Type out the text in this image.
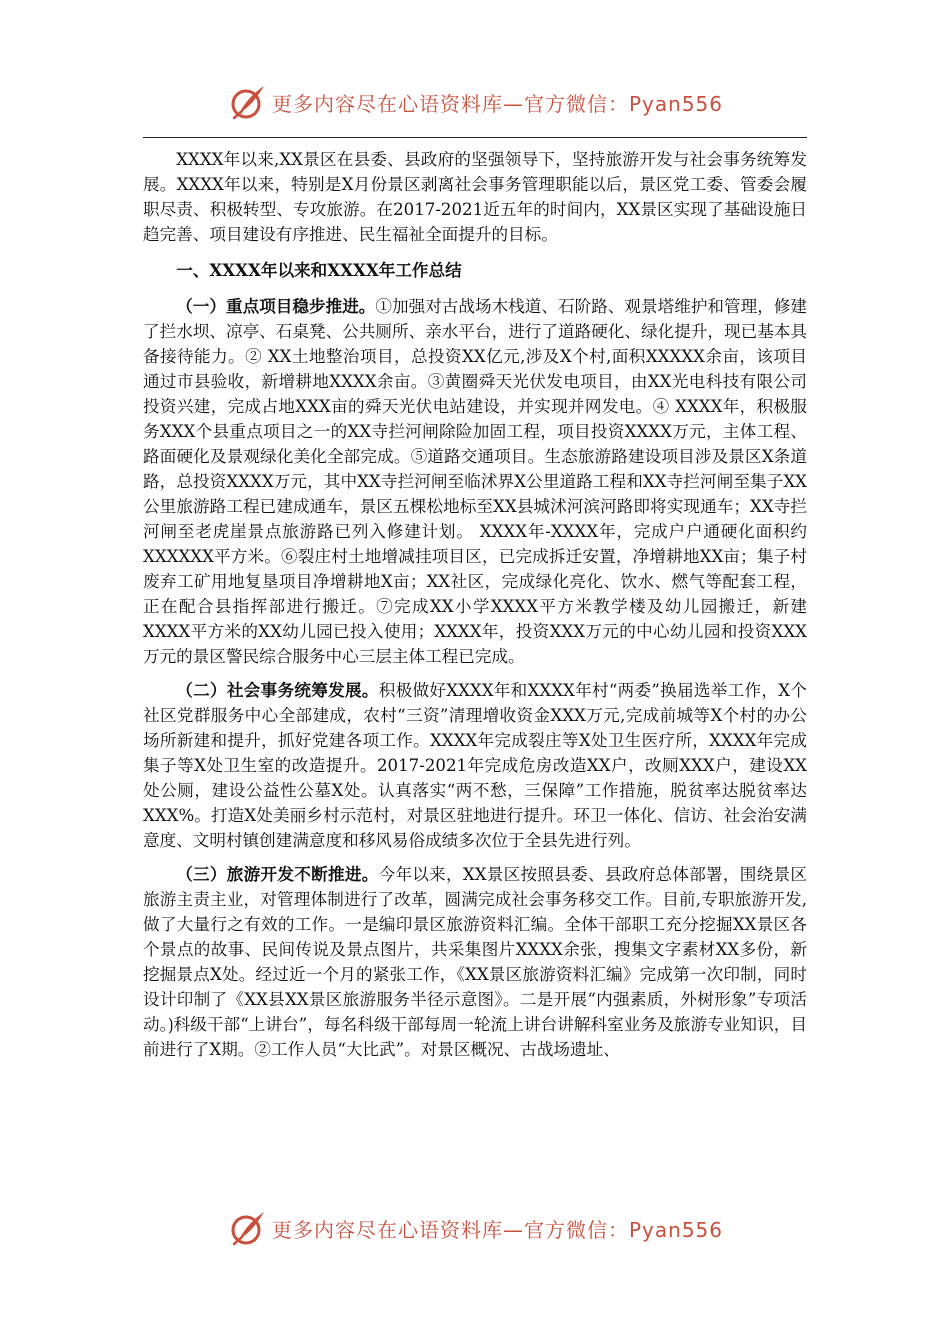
更多内容尽在心语资料库—官方微信：Pyan556

XXXX年以来,XX景区在县委、县政府的坚强领导下，坚持旅游开发与社会事务统筹发展。XXXX年以来，特别是X月份景区剥离社会事务管理职能以后，景区党工委、管委会履职尽责、积极转型、专攻旅游。在2017-2021近五年的时间内，XX景区实现了基础设施日趋完善、项目建设有序推进、民生福祉全面提升的目标。

一、XXXX年以来和XXXX年工作总结

（一）重点项目稳步推进。①加强对古战场木栈道、石阶路、观景塔维护和管理，修建了拦水坝、凉亭、石桌凳、公共厕所、亲水平台，进行了道路硬化、绿化提升，现已基本具备接待能力。② XX土地整治项目，总投资XX亿元,涉及X个村,面积XXXXX余亩，该项目通过市县验收，新增耕地XXXX余亩。③黄圈舜天光伏发电项目，由XX光电科技有限公司投资兴建，完成占地XXX亩的舜天光伏电站建设，并实现并网发电。④ XXXX年，积极服务XXX个县重点项目之一的XX寺拦河闸除险加固工程，项目投资XXXX万元，主体工程、路面硬化及景观绿化美化全部完成。⑤道路交通项目。生态旅游路建设项目涉及景区X条道路，总投资XXXX万元，其中XX寺拦河闸至临沭界X公里道路工程和XX寺拦河闸至集子XX公里旅游路工程已建成通车，景区五棵松地标至XX县城沭河滨河路即将实现通车；XX寺拦河闸至老虎崖景点旅游路已列入修建计划。 XXXX年-XXXX年，完成户户通硬化面积约XXXXXX平方米。⑥裂庄村土地增减挂项目区，已完成拆迁安置，净增耕地XX亩；集子村废弃工矿用地复垦项目净增耕地X亩；XX社区，完成绿化亮化、饮水、燃气等配套工程，正在配合县指挥部进行搬迁。⑦完成XX小学XXXX平方米教学楼及幼儿园搬迁，新建XXXX平方米的XX幼儿园已投入使用；XXXX年，投资XXX万元的中心幼儿园和投资XXX万元的景区警民综合服务中心三层主体工程已完成。

（二）社会事务统筹发展。积极做好XXXX年和XXXX年村“两委”换届选举工作，X个社区党群服务中心全部建成，农村“三资”清理增收资金XXX万元,完成前城等X个村的办公场所新建和提升，抓好党建各项工作。XXXX年完成裂庄等X处卫生医疗所，XXXX年完成集子等X处卫生室的改造提升。2017-2021年完成危房改造XX户，改厕XXX户，建设XX处公厕，建设公益性公墓X处。认真落实“两不愁，三保障”工作措施，脱贫率达脱贫率达XXX%。打造X处美丽乡村示范村，对景区驻地进行提升。环卫一体化、信访、社会治安满意度、文明村镇创建满意度和移风易俗成绩多次位于全县先进行列。

（三）旅游开发不断推进。今年以来，XX景区按照县委、县政府总体部署，围绕景区旅游主责主业，对管理体制进行了改革，圆满完成社会事务移交工作。目前,专职旅游开发,做了大量行之有效的工作。一是编印景区旅游资料汇编。全体干部职工充分挖掘XX景区各个景点的故事、民间传说及景点图片，共采集图片XXXX余张，搜集文字素材XX多份，新挖掘景点X处。经过近一个月的紧张工作，《XX景区旅游资料汇编》完成第一次印制，同时设计印制了《XX县XX景区旅游服务半径示意图》。二是开展“内强素质，外树形象”专项活动。⟯科级干部“上讲台”，每名科级干部每周一轮流上讲台讲解科室业务及旅游专业知识，目前进行了X期。②工作人员“大比武”。对景区概况、古战场遗址、

更多内容尽在心语资料库—官方微信：Pyan556
